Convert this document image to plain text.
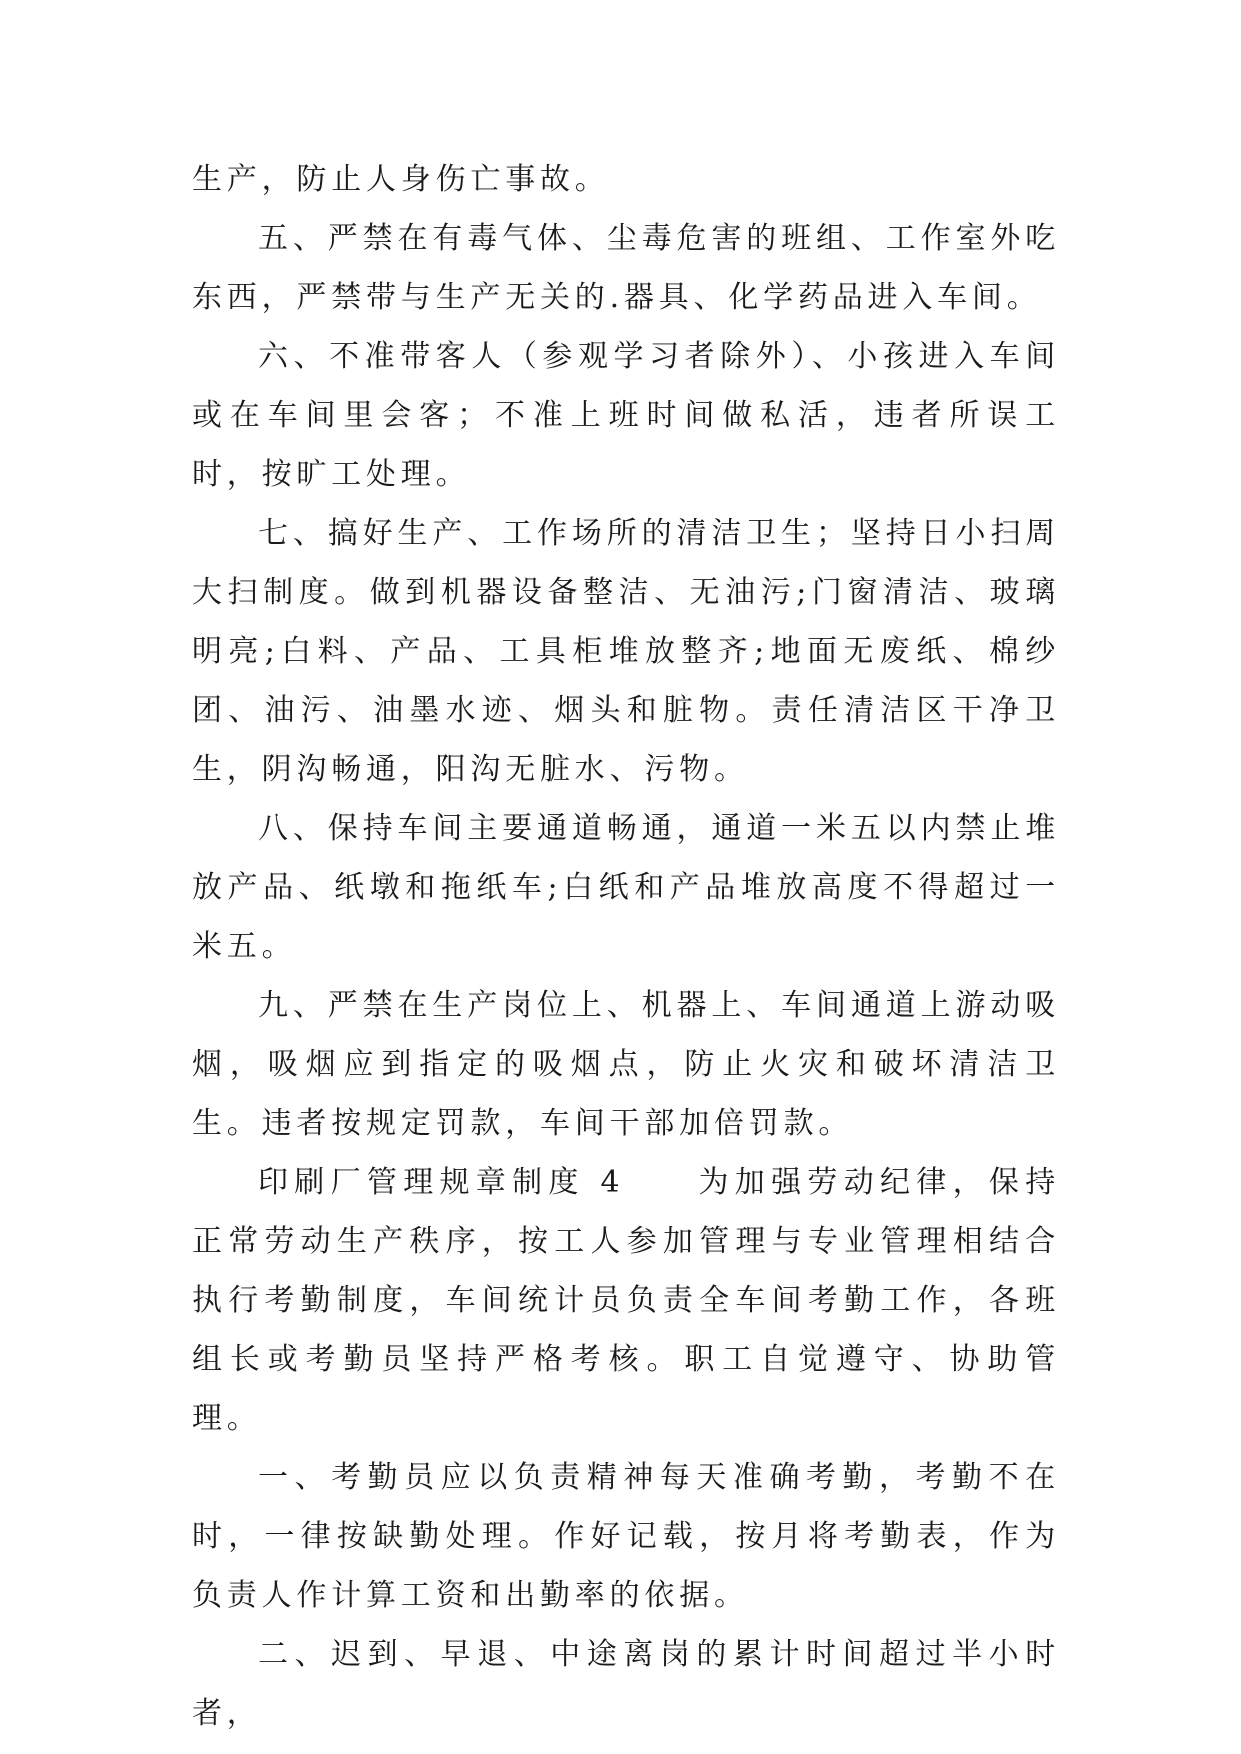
生产，防止人身伤亡事故。

五、严禁在有毒气体、尘毒危害的班组、工作室外吃东西，严禁带与生产无关的.器具、化学药品进入车间。

六、不准带客人（参观学习者除外）、小孩进入车间或在车间里会客；不准上班时间做私活，违者所误工时，按旷工处理。

七、搞好生产、工作场所的清洁卫生；坚持日小扫周大扫制度。做到机器设备整洁、无油污;门窗清洁、玻璃明亮;白料、产品、工具柜堆放整齐;地面无废纸、棉纱团、油污、油墨水迹、烟头和脏物。责任清洁区干净卫生，阴沟畅通，阳沟无脏水、污物。

八、保持车间主要通道畅通，通道一米五以内禁止堆放产品、纸墩和拖纸车;白纸和产品堆放高度不得超过一米五。

九、严禁在生产岗位上、机器上、车间通道上游动吸烟，吸烟应到指定的吸烟点，防止火灾和破坏清洁卫生。违者按规定罚款，车间干部加倍罚款。

印刷厂管理规章制度 4　　为加强劳动纪律，保持正常劳动生产秩序，按工人参加管理与专业管理相结合执行考勤制度，车间统计员负责全车间考勤工作，各班组长或考勤员坚持严格考核。职工自觉遵守、协助管理。

一、考勤员应以负责精神每天准确考勤，考勤不在时，一律按缺勤处理。作好记载，按月将考勤表，作为负责人作计算工资和出勤率的依据。

二、迟到、早退、中途离岗的累计时间超过半小时者，
